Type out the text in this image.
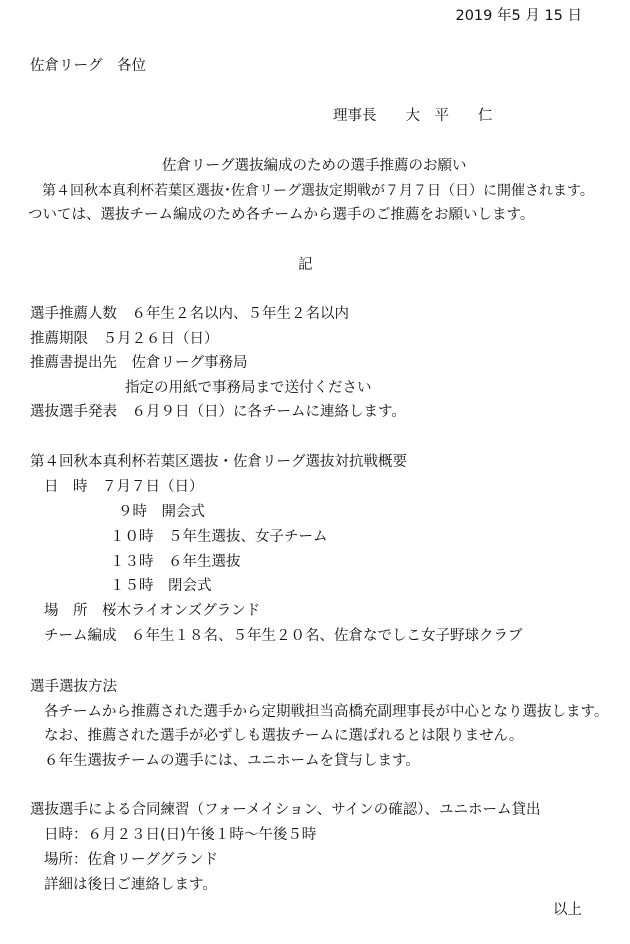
2019 年5 月 15 日
佐倉リーグ　各位
理事長　　大　平　　仁
佐倉リーグ選抜編成のための選手推薦のお願い
　第４回秋本真利杯若葉区選抜･佐倉リーグ選抜定期戦が７月７日（日）に開催されます。
ついては、選抜チーム編成のため各チームから選手のご推薦をお願いします。
記
選手推薦人数　６年生２名以内、５年生２名以内
推薦期限　５月２６日（日）
推薦書提出先　佐倉リーグ事務局
指定の用紙で事務局まで送付ください
選抜選手発表　６月９日（日）に各チームに連絡します。
第４回秋本真利杯若葉区選抜・佐倉リーグ選抜対抗戦概要
日　時　７月７日（日）
９時　開会式
１０時　５年生選抜、女子チーム
１３時　６年生選抜
１５時　閉会式
場　所　桜木ライオンズグランド
チーム編成　６年生１８名、５年生２０名、佐倉なでしこ女子野球クラブ
選手選抜方法
各チームから推薦された選手から定期戦担当高橋充副理事長が中心となり選抜します。
なお、推薦された選手が必ずしも選抜チームに選ばれるとは限りません。
６年生選抜チームの選手には、ユニホームを貸与します。
選抜選手による合同練習（フォーメイション、サインの確認）、ユニホーム貸出
日時：６月２３日(日)午後１時～午後５時
場所：佐倉リーググランド
詳細は後日ご連絡します。
以上
